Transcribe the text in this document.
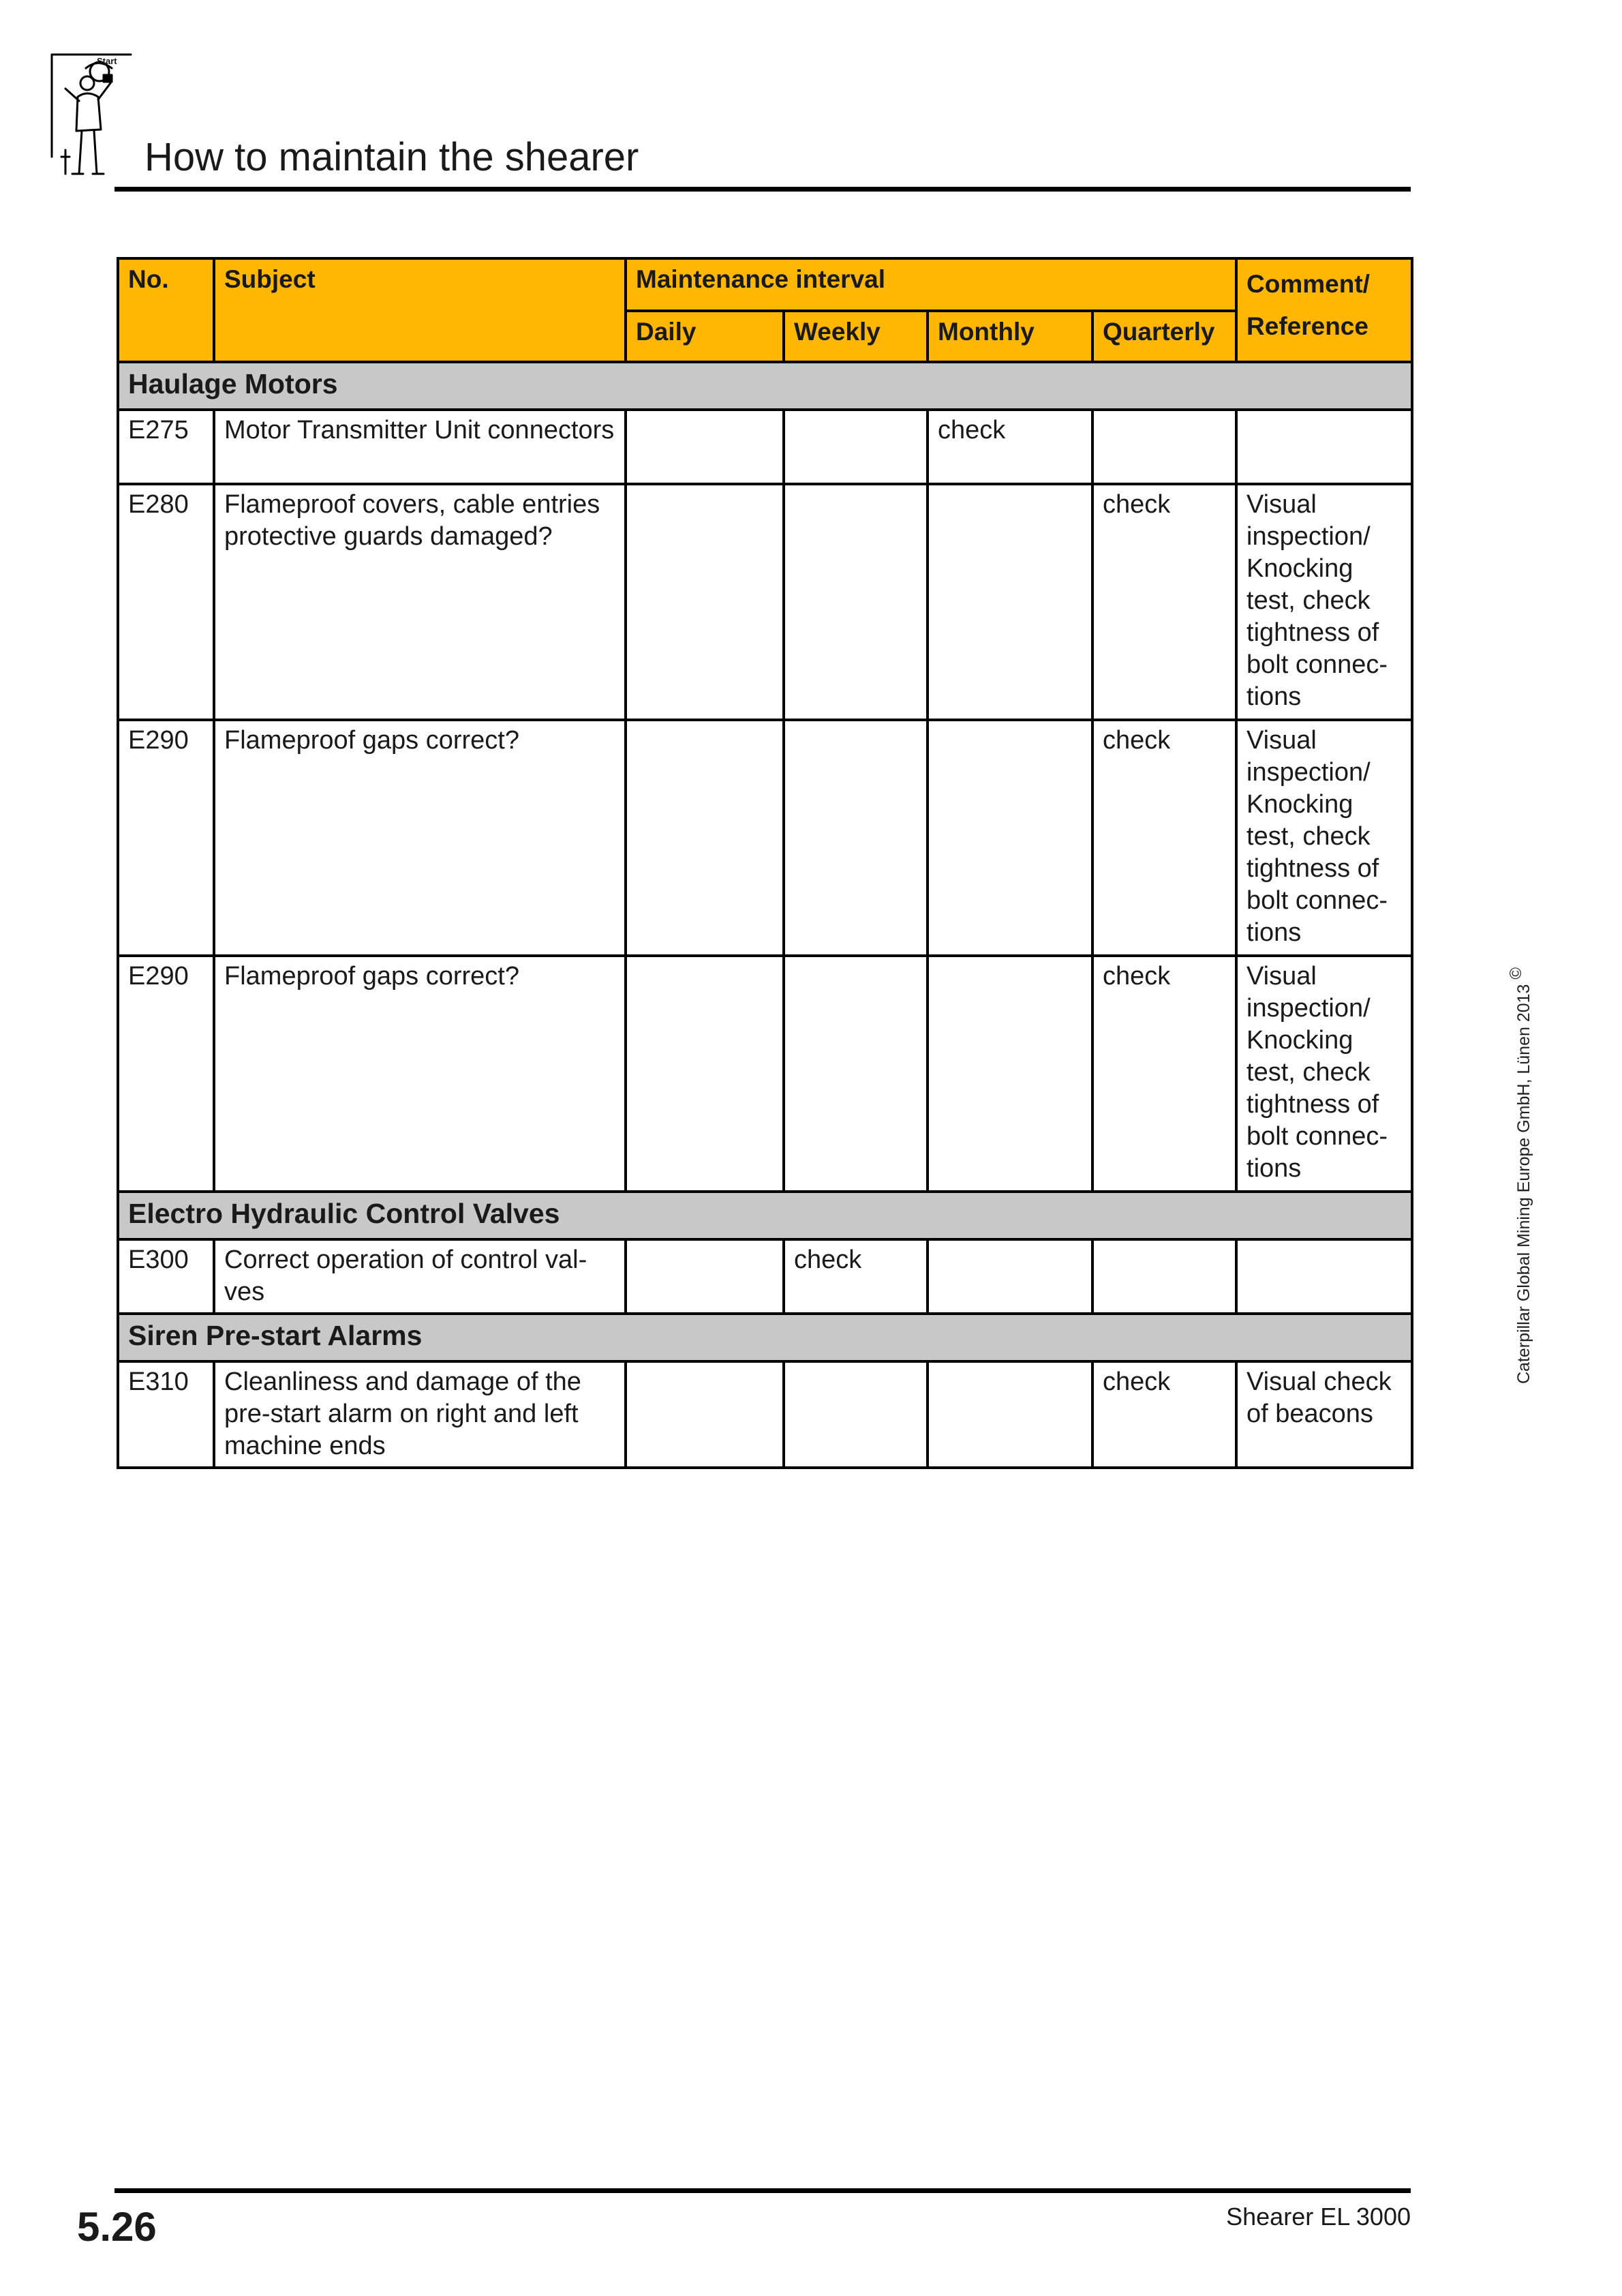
Start
How to maintain the shearer
Caterpillar Global Mining Europe GmbH, Lünen 2013 ©
No.	Subject	Maintenance interval				Comment/
Reference
		Daily	Weekly	Monthly	Quarterly	
Haulage Motors						
E275	Motor Transmitter Unit connectors			check		
E280	Flameproof covers, cable entries protective guards damaged?				check	Visual inspection/ Knocking test, check tightness of bolt connec-tions
E290	Flameproof gaps correct?				check	Visual inspection/ Knocking test, check tightness of bolt connec-tions
E290	Flameproof gaps correct?				check	Visual inspection/ Knocking test, check tightness of bolt connec-tions
Electro Hydraulic Control Valves						
E300	Correct operation of control val-ves		check			
Siren Pre-start Alarms						
E310	Cleanliness and damage of the pre-start alarm on right and left machine ends				check	Visual check of beacons
5.26	Shearer EL 3000
